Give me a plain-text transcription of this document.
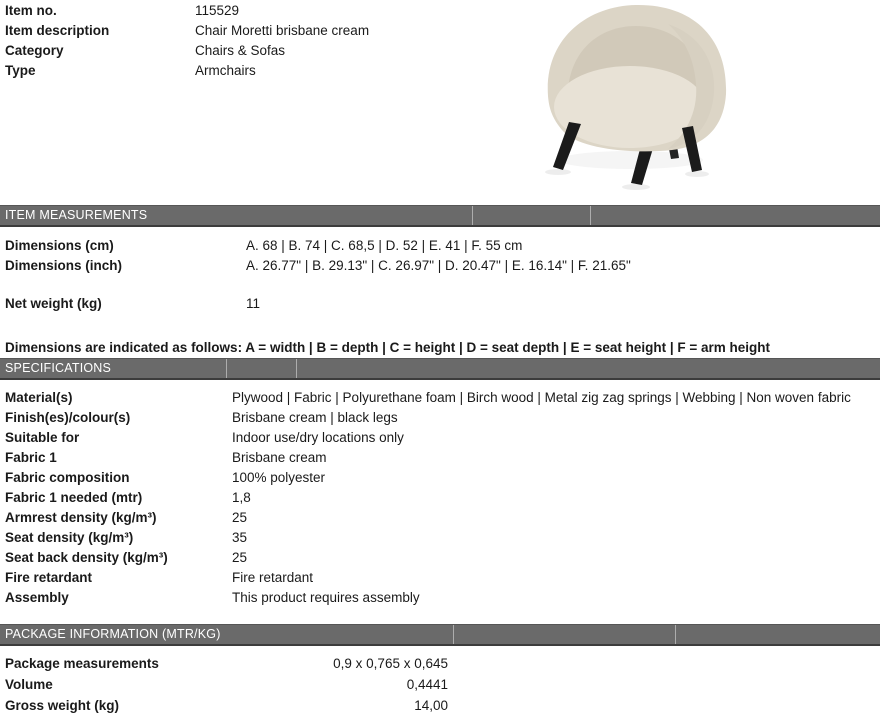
Item no.	115529
Item description	Chair Moretti brisbane cream
Category	Chairs & Sofas
Type	Armchairs
ITEM MEASUREMENTS
Dimensions (cm)	A. 68 | B. 74 | C. 68,5 | D. 52 | E. 41 | F. 55 cm
Dimensions (inch)	A. 26.77" | B. 29.13" | C. 26.97" | D. 20.47" | E. 16.14" | F. 21.65"
Net weight (kg)	11
Dimensions are indicated as follows: A = width | B = depth | C = height | D = seat depth | E = seat height | F = arm height
SPECIFICATIONS
Material(s)	Plywood | Fabric | Polyurethane foam | Birch wood | Metal zig zag springs | Webbing | Non woven fabric
Finish(es)/colour(s)	Brisbane cream | black legs
Suitable for	Indoor use/dry locations only
Fabric 1	Brisbane cream
Fabric composition	100% polyester
Fabric 1 needed (mtr)	1,8
Armrest density (kg/m³)	25
Seat density (kg/m³)	35
Seat back density (kg/m³)	25
Fire retardant	Fire retardant
Assembly	This product requires assembly
PACKAGE INFORMATION (MTR/KG)
Package measurements	0,9 x 0,765 x 0,645
Volume	0,4441
Gross weight (kg)	14,00
